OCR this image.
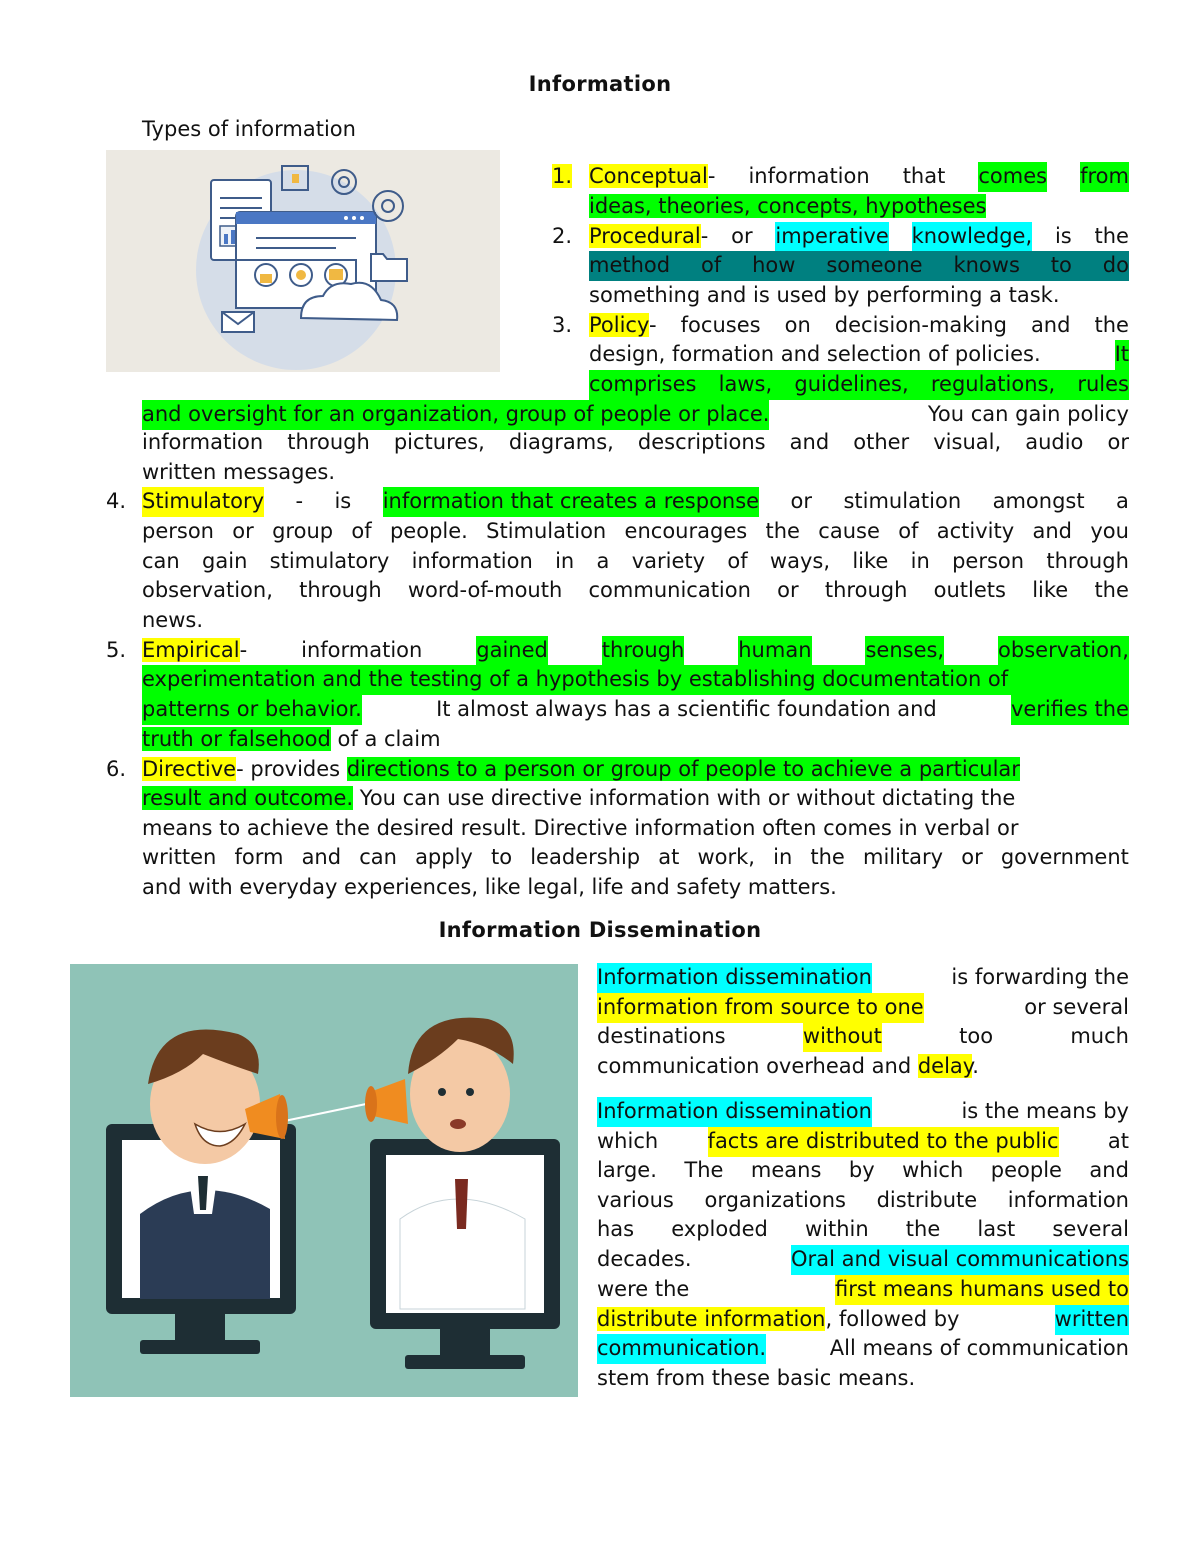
Information
Types of information
1.
2.
3.
4.
5.
6.
Conceptual- information that comes from
ideas, theories, concepts, hypotheses
Procedural- or imperative knowledge, is the
method of how someone knows to do
something and is used by performing a task.
Policy- focuses on decision-making and the
design, formation and selection of policies.	It
comprises laws, guidelines, regulations, rules
and oversight for an organization, group of people or place.	You can gain policy
information through pictures, diagrams, descriptions and other visual, audio or
written messages.
Stimulatory - is information that creates a response or stimulation amongst a
person or group of people. Stimulation encourages the cause of activity and you
can gain stimulatory information in a variety of ways, like in person through
observation, through word-of-mouth communication or through outlets like the
news.
Empirical-	information	gained	through	human	senses,	observation,
experimentation and the testing of a hypothesis by establishing documentation of
patterns or behavior.	It almost always has a scientific foundation and	verifies the
truth or falsehood of a claim
Directive- provides directions to a person or group of people to achieve a particular
result and outcome. You can use directive information with or without dictating the
means to achieve the desired result. Directive information often comes in verbal or
written form and can apply to leadership at work, in the military or government
and with everyday experiences, like legal, life and safety matters.
Information Dissemination
Information dissemination	is forwarding the
information from source to one	or several
destinations	without	too	much
communication overhead and delay.
Information dissemination	is the means by
which facts are distributed to the public at
large. The means by which people and
various organizations distribute information
has exploded within the last several
decades.	Oral and visual communications
were the	first means humans used to
distribute information, followed by	written
communication.	All means of communication
stem from these basic means.
